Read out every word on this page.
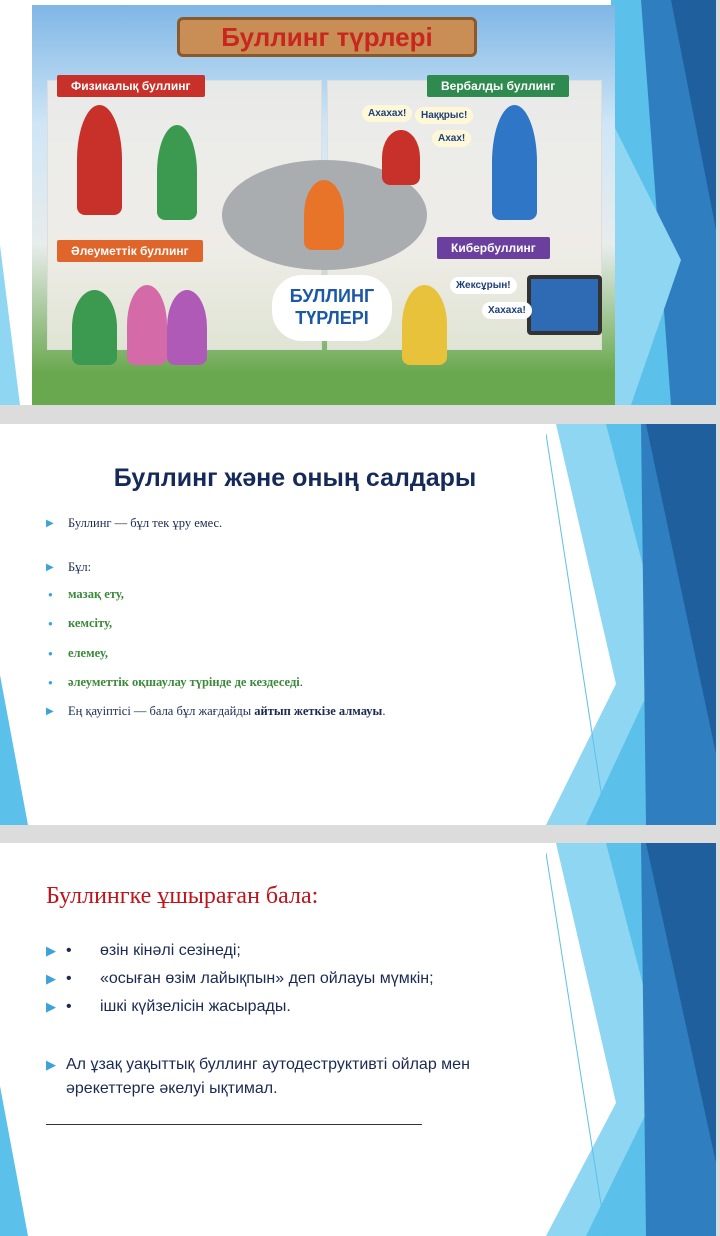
Буллинг түрлері
Физикалық буллинг	Вербалды буллинг
Әлеуметтік буллинг	Кибербуллинг
Ахахах!	Наққрыс!
Ахах!
Жексұрын!
Хахаха!
БУЛЛИНГ
ТҮРЛЕРІ
Буллинг және оның салдары
▶	Буллинг — бұл тек ұру емес.
▶	Бұл:
●	мазақ ету,
●	кемсіту,
●	елемеу,
●	әлеуметтік оқшаулау түрінде де кездеседі .
▶	Ең қауіптісі — бала бұл жағдайды айтып жеткізе алмауы .
Буллингке ұшыраған бала:
▶ •	өзін кінәлі сезінеді;
▶ •	«осыған өзім лайықпын» деп ойлауы мүмкін;
▶ •	ішкі күйзелісін жасырады.
▶ Ал ұзақ уақыттық буллинг аутодеструктивті ойлар мен
әрекеттерге әкелуі ықтимал.
